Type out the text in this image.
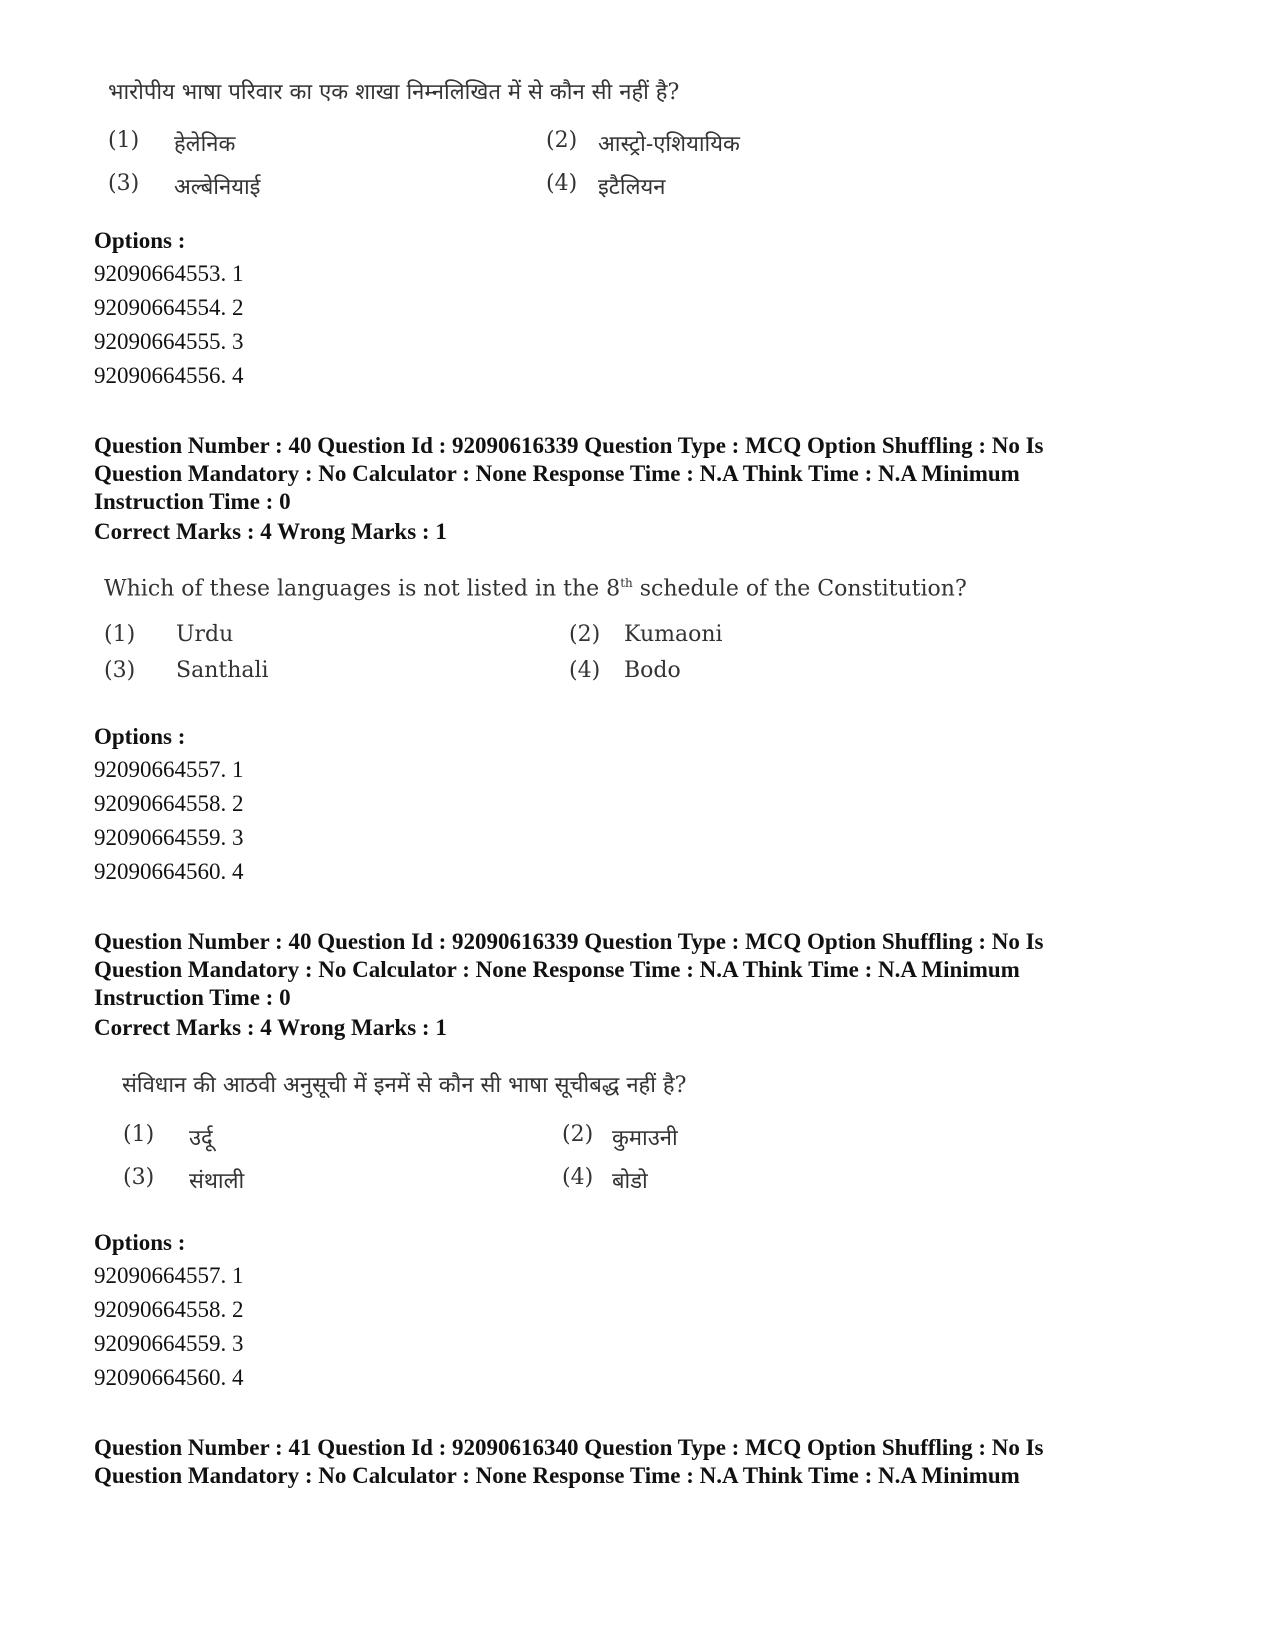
भारोपीय भाषा परिवार का एक शाखा निम्नलिखित में से कौन सी नहीं है?
(1) हेलेनिक	(2) आस्ट्रो-एशियायिक
(3) अल्बेनियाई	(4) इटैलियन
Options :
92090664553. 1
92090664554. 2
92090664555. 3
92090664556. 4
Question Number : 40 Question Id : 92090616339 Question Type : MCQ Option Shuffling : No Is
Question Mandatory : No Calculator : None Response Time : N.A Think Time : N.A Minimum
Instruction Time : 0
Correct Marks : 4 Wrong Marks : 1
Which of these languages is not listed in the 8th schedule of the Constitution?
(1) Urdu	(2) Kumaoni
(3) Santhali	(4) Bodo
Options :
92090664557. 1
92090664558. 2
92090664559. 3
92090664560. 4
Question Number : 40 Question Id : 92090616339 Question Type : MCQ Option Shuffling : No Is
Question Mandatory : No Calculator : None Response Time : N.A Think Time : N.A Minimum
Instruction Time : 0
Correct Marks : 4 Wrong Marks : 1
संविधान की आठवी अनुसूची में इनमें से कौन सी भाषा सूचीबद्ध नहीं है?
(1) उर्दू	(2) कुमाउनी
(3) संथाली	(4) बोडो
Options :
92090664557. 1
92090664558. 2
92090664559. 3
92090664560. 4
Question Number : 41 Question Id : 92090616340 Question Type : MCQ Option Shuffling : No Is
Question Mandatory : No Calculator : None Response Time : N.A Think Time : N.A Minimum
